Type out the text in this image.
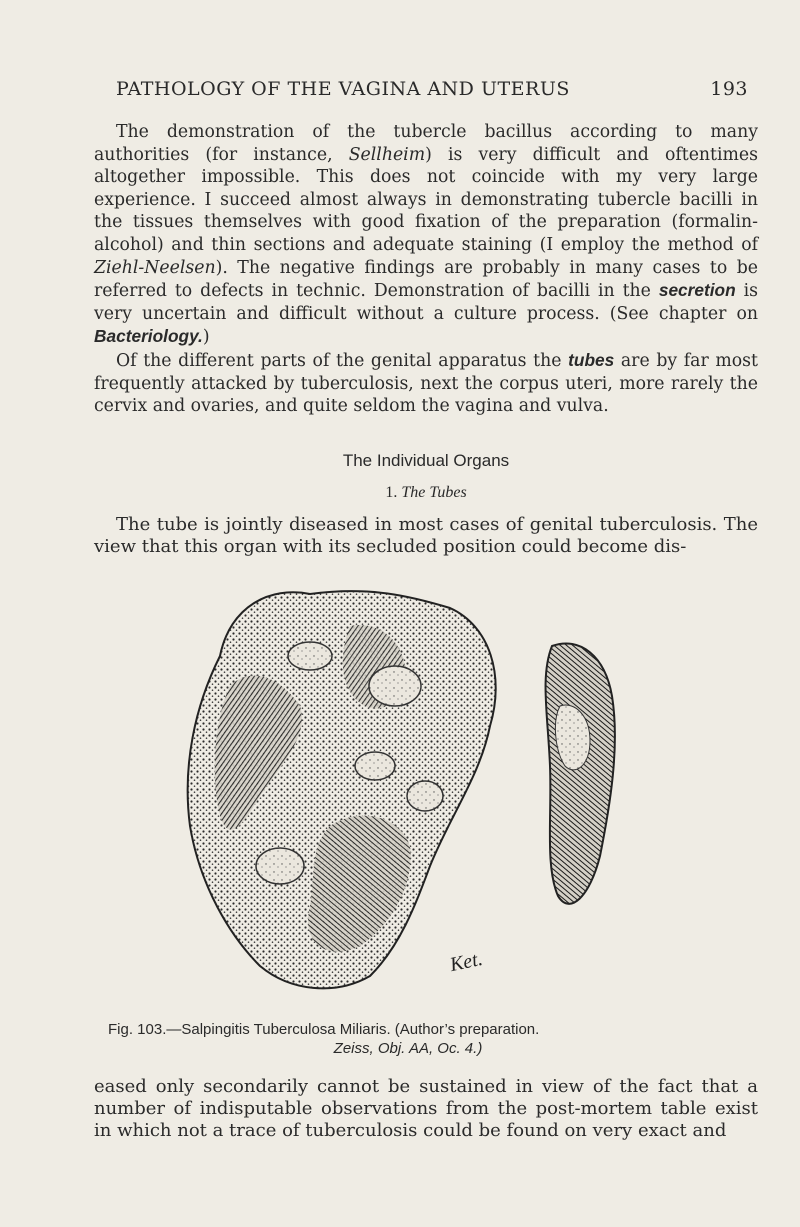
PATHOLOGY OF THE VAGINA AND UTERUS	193

The demonstration of the tubercle bacillus according to many authorities (for instance, Sellheim) is very difficult and oftentimes altogether impossible. This does not coincide with my very large experience. I succeed almost always in demonstrating tubercle bacilli in the tissues themselves with good fixation of the preparation (formalin-alcohol) and thin sections and adequate staining (I employ the method of Ziehl-Neelsen). The negative findings are probably in many cases to be referred to defects in technic. Demonstration of bacilli in the secretion is very uncertain and difficult without a culture process. (See chapter on Bacteriology.)

Of the different parts of the genital apparatus the tubes are by far most frequently attacked by tuberculosis, next the corpus uteri, more rarely the cervix and ovaries, and quite seldom the vagina and vulva.

The Individual Organs
1. The Tubes

The tube is jointly diseased in most cases of genital tuberculosis. The view that this organ with its secluded position could become dis-

Ket.
Fig. 103.—Salpingitis Tuberculosa Miliaris. (Author’s preparation.
Zeiss, Obj. AA, Oc. 4.)

eased only secondarily cannot be sustained in view of the fact that a number of indisputable observations from the post-mortem table exist in which not a trace of tuberculosis could be found on very exact and
